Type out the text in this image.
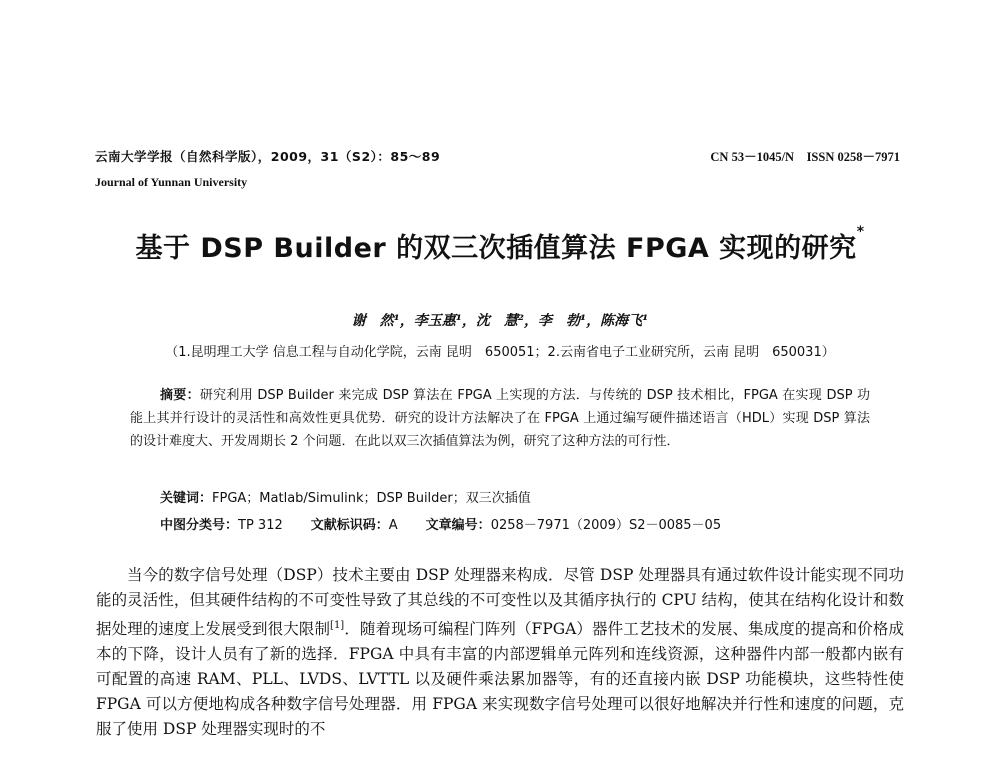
云南大学学报（自然科学版），2009，31（S2）：85～89
Journal of Yunnan University
CN 53－1045/N　ISSN 0258－7971
基于 DSP Builder 的双三次插值算法 FPGA 实现的研究*
谢　然¹，李玉惠¹，沈　慧²，李　勃¹，陈海飞¹
（1.昆明理工大学 信息工程与自动化学院，云南 昆明　650051；2.云南省电子工业研究所，云南 昆明　650031）
摘要：研究利用 DSP Builder 来完成 DSP 算法在 FPGA 上实现的方法．与传统的 DSP 技术相比，FPGA 在实现 DSP 功能上其并行设计的灵活性和高效性更具优势．研究的设计方法解决了在 FPGA 上通过编写硬件描述语言（HDL）实现 DSP 算法的设计难度大、开发周期长 2 个问题．在此以双三次插值算法为例，研究了这种方法的可行性．
关键词：FPGA；Matlab/Simulink；DSP Builder；双三次插值
中图分类号：TP 312 文献标识码：A 文章编号：0258－7971（2009）S2－0085－05
当今的数字信号处理（DSP）技术主要由 DSP 处理器来构成．尽管 DSP 处理器具有通过软件设计能实现不同功能的灵活性，但其硬件结构的不可变性导致了其总线的不可变性以及其循序执行的 CPU 结构，使其在结构化设计和数据处理的速度上发展受到很大限制[1]．随着现场可编程门阵列（FPGA）器件工艺技术的发展、集成度的提高和价格成本的下降，设计人员有了新的选择．FPGA 中具有丰富的内部逻辑单元阵列和连线资源，这种器件内部一般都内嵌有可配置的高速 RAM、PLL、LVDS、LVTTL 以及硬件乘法累加器等，有的还直接内嵌 DSP 功能模块，这些特性使 FPGA 可以方便地构成各种数字信号处理器．用 FPGA 来实现数字信号处理可以很好地解决并行性和速度的问题，克服了使用 DSP 处理器实现时的不
